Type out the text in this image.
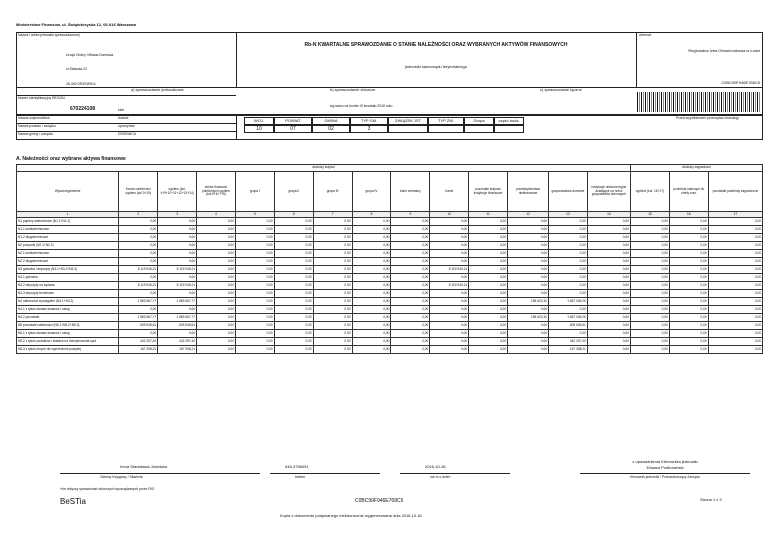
Ministerstwo Finansów, ul. Świętokrzyska 12, 00-916 Warszawa
Nazwa i adres jednostki sprawozdawczej
Urząd Gminy i Miasta Drzewica
ul.Stawska 22
26-340 DRZEWICA
Rb-N KWARTALNE SPRAWOZDANIE O STANIE NALEŻNOŚCI ORAZ WYBRANYCH AKTYWÓW FINANSOWYCH
jednostki samorządu terytorialnego
Adresat:
Regionalna Izba Obrachunkowa w Łodzi
C0BC99F946E768C5
a) sprawozdanie jednostkowe	b) sprawozdanie zbiorcze	c) sprawozdanie łączne
Numer identyfikacyjny REGON
670224108	wg stanu na koniec III kwartału 2016 roku
Nazwa województwa	łódzkie
Nazwa powiatu / związku	opoczyński
Nazwa gminy / związku	DRZEWICA
kidx
WOJ.
10
POWIAT
07
GMINA
02
TYP GM.
3
ZWIĄZEK JST	TYP ZW.	Grupa	część budż.	Przed wypełnieniem przeczytać instrukcję
A. Należności oraz wybrane aktywa finansowe
dłużnicy krajowi														dłużnicy zagraniczni		
Wyszczególnienie	Kwota należności ogółem (kol.3+15)	ogółem (kol. 4+5+10+11+12+13+14)	sektor finansów publicznych ogółem (kol.5+6+7+8)	grupa I	grupa II	grupa III	grupa IV	bank centralny	banki	pozostałe krajowe instytucje finansowe	przedsiębiorstwa niefinansowe	gospodarstwa domowe	instytucje niekomercyjne działające na rzecz gospodarstw domowych	ogółem (kol. 16+17)	podmioty należące do strefy euro	pozostałe podmioty zagraniczne
1	2	3	4	5	6	7	8	9	10	11	12	13	14	15	16	17
N1 papiery wartościowe (N1.1+N1.2)	0,00	0,00	0,00	0,00	0,00	0,00	0,00	0,00	0,00	0,00	0,00	0,00	0,00	0,00	0,00	0,00
N1.1 krótkoterminowe	0,00	0,00	0,00	0,00	0,00	0,00	0,00	0,00	0,00	0,00	0,00	0,00	0,00	0,00	0,00	0,00
N1.2 długoterminowe	0,00	0,00	0,00	0,00	0,00	0,00	0,00	0,00	0,00	0,00	0,00	0,00	0,00	0,00	0,00	0,00
N2 pożyczki (N2.1+N2.2)	0,00	0,00	0,00	0,00	0,00	0,00	0,00	0,00	0,00	0,00	0,00	0,00	0,00	0,00	0,00	0,00
N2.1 krótkoterminowe	0,00	0,00	0,00	0,00	0,00	0,00	0,00	0,00	0,00	0,00	0,00	0,00	0,00	0,00	0,00	0,00
N2.2 długoterminowe	0,00	0,00	0,00	0,00	0,00	0,00	0,00	0,00	0,00	0,00	0,00	0,00	0,00	0,00	0,00	0,00
N3 gotówka i depozyty (N3.1+N3.2+N3.3)	8 119 945,21	8 119 945,21	0,00	0,00	0,00	0,00	0,00	0,00	8 119 945,21	0,00	0,00	0,00	0,00	0,00	0,00	0,00
N3.1 gotówka	0,00	0,00	0,00	0,00	0,00	0,00	0,00	0,00	0,00	0,00	0,00	0,00	0,00	0,00	0,00	0,00
N3.2 depozyty na żądanie	8 119 945,21	8 119 945,21	0,00	0,00	0,00	0,00	0,00	0,00	8 119 945,21	0,00	0,00	0,00	0,00	0,00	0,00	0,00
N3.3 depozyty terminowe	0,00	0,00	0,00	0,00	0,00	0,00	0,00	0,00	0,00	0,00	0,00	0,00	0,00	0,00	0,00	0,00
N4 należności wymagalne (N4.1+N4.2)	1 863 667,77	1 863 667,77	0,00	0,00	0,00	0,00	0,00	0,00	0,00	0,00	196 622,30	1 667 045,26	0,00	0,00	0,00	0,00
N4.1 z tytułu dostaw towarów i usług	0,00	0,00	0,00	0,00	0,00	0,00	0,00	0,00	0,00	0,00	0,00	0,00	0,00	0,00	0,00	0,00
N4.2 pozostałe	1 863 667,77	1 863 667,77	0,00	0,00	0,00	0,00	0,00	0,00	0,00	0,00	196 622,30	1 667 045,26	0,00	0,00	0,00	0,00
N5 pozostałe należności (N5.1+N5.2+N5.3)	609 545,61	609 545,61	0,00	0,00	0,00	0,00	0,00	0,00	0,00	0,00	0,00	609 545,61	0,00	0,00	0,00	0,00
N5.1 z tytułu dostaw towarów i usług	0,00	0,00	0,00	0,00	0,00	0,00	0,00	0,00	0,00	0,00	0,00	0,00	0,00	0,00	0,00	0,00
N5.2 z tytułu podatków i składek na ubezpieczenia społ.	442 257,40	442 257,40	0,00	0,00	0,00	0,00	0,00	0,00	0,00	0,00	0,00	442 257,40	0,00	0,00	0,00	0,00
N5.3 z tytułu innych niż wymienione powyżej	167 308,21	167 308,21	0,00	0,00	0,00	0,00	0,00	0,00	0,00	0,00	0,00	167 308,21	0,00	0,00	0,00	0,00
Irena Stanisława Jóźwicka
Główny Księgowy / Skarbnik
048-3756091
telefon
2016-10-18
rok m-c dzień
z upoważnienia Kierownika jednostki
Edward Podkowiński
Kierownik jednostki / Przewodniczący Zarządu
*nie dotyczy sprawozdań zbiorczych sporządzanych przez RIO
BeSTia	C0BC99F946E768C5	Strona 1 z 3
Kopia z dokumentu podpisanego elektronicznie wygenerowana dnia 2016.10.18
